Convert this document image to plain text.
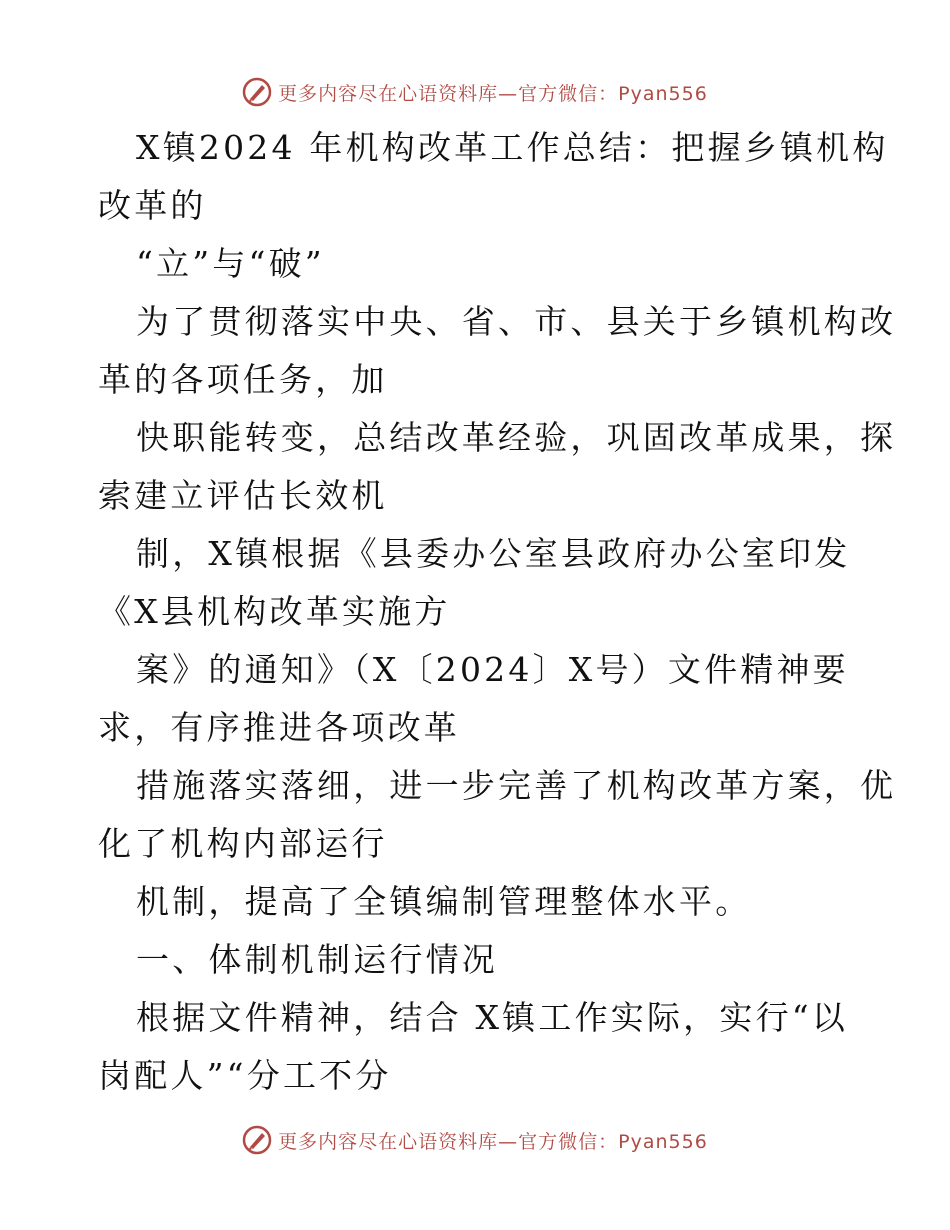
更多内容尽在心语资料库—官方微信：Pyan556
X镇2024 年机构改革工作总结：把握乡镇机构
改革的
“立”与“破”
为了贯彻落实中央、省、市、县关于乡镇机构改
革的各项任务，加
快职能转变，总结改革经验，巩固改革成果，探
索建立评估长效机
制，X镇根据《县委办公室县政府办公室印发
《X县机构改革实施方
案》的通知》（X〔2024〕X号）文件精神要
求，有序推进各项改革
措施落实落细，进一步完善了机构改革方案，优
化了机构内部运行
机制，提高了全镇编制管理整体水平。
一、体制机制运行情况
根据文件精神，结合 X镇工作实际，实行“以
岗配人”“分工不分
更多内容尽在心语资料库—官方微信：Pyan556
